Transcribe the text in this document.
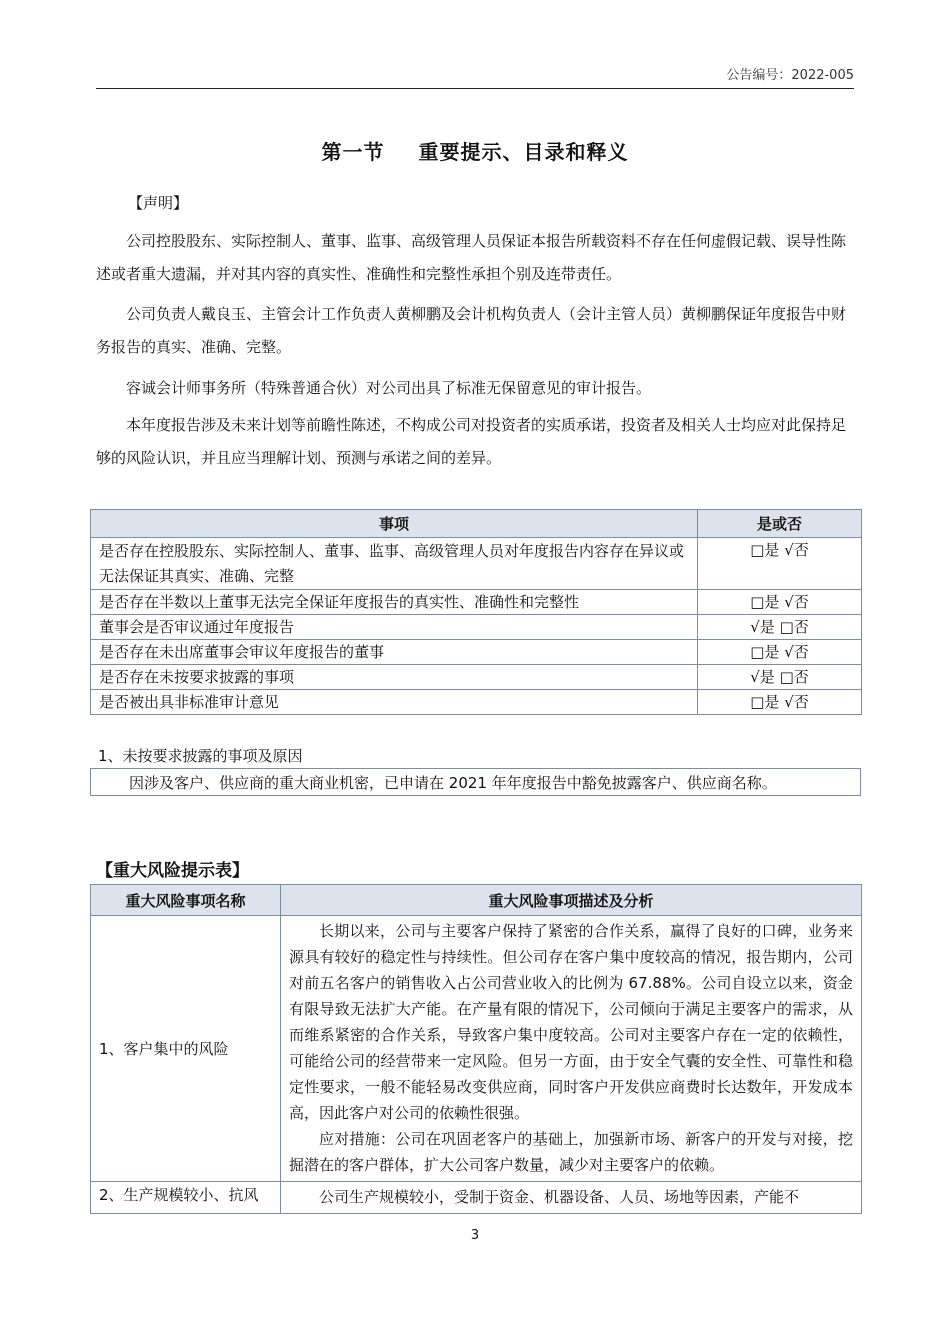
公告编号：2022-005
第一节 重要提示、目录和释义
【声明】
公司控股股东、实际控制人、董事、监事、高级管理人员保证本报告所载资料不存在任何虚假记载、误导性陈述或者重大遗漏，并对其内容的真实性、准确性和完整性承担个别及连带责任。
公司负责人戴良玉、主管会计工作负责人黄柳鹏及会计机构负责人（会计主管人员）黄柳鹏保证年度报告中财务报告的真实、准确、完整。
容诚会计师事务所（特殊普通合伙）对公司出具了标准无保留意见的审计报告。
本年度报告涉及未来计划等前瞻性陈述，不构成公司对投资者的实质承诺，投资者及相关人士均应对此保持足够的风险认识，并且应当理解计划、预测与承诺之间的差异。
事项	是或否
是否存在控股股东、实际控制人、董事、监事、高级管理人员对年度报告内容存在异议或无法保证其真实、准确、完整	□是 √否
是否存在半数以上董事无法完全保证年度报告的真实性、准确性和完整性	□是 √否
董事会是否审议通过年度报告	√是 □否
是否存在未出席董事会审议年度报告的董事	□是 √否
是否存在未按要求披露的事项	√是 □否
是否被出具非标准审计意见	□是 √否
1、未按要求披露的事项及原因
因涉及客户、供应商的重大商业机密，已申请在 2021 年年度报告中豁免披露客户、供应商名称。
【重大风险提示表】
重大风险事项名称	重大风险事项描述及分析
1、客户集中的风险	长期以来，公司与主要客户保持了紧密的合作关系，赢得了良好的口碑，业务来源具有较好的稳定性与持续性。但公司存在客户集中度较高的情况，报告期内，公司对前五名客户的销售收入占公司营业收入的比例为 67.88%。公司自设立以来，资金有限导致无法扩大产能。在产量有限的情况下，公司倾向于满足主要客户的需求，从而维系紧密的合作关系，导致客户集中度较高。公司对主要客户存在一定的依赖性，可能给公司的经营带来一定风险。但另一方面，由于安全气囊的安全性、可靠性和稳定性要求，一般不能轻易改变供应商，同时客户开发供应商费时长达数年，开发成本高，因此客户对公司的依赖性很强。

应对措施：公司在巩固老客户的基础上，加强新市场、新客户的开发与对接，挖掘潜在的客户群体，扩大公司客户数量，减少对主要客户的依赖。

2、生产规模较小、抗风	公司生产规模较小，受制于资金、机器设备、人员、场地等因素，产能不

3
